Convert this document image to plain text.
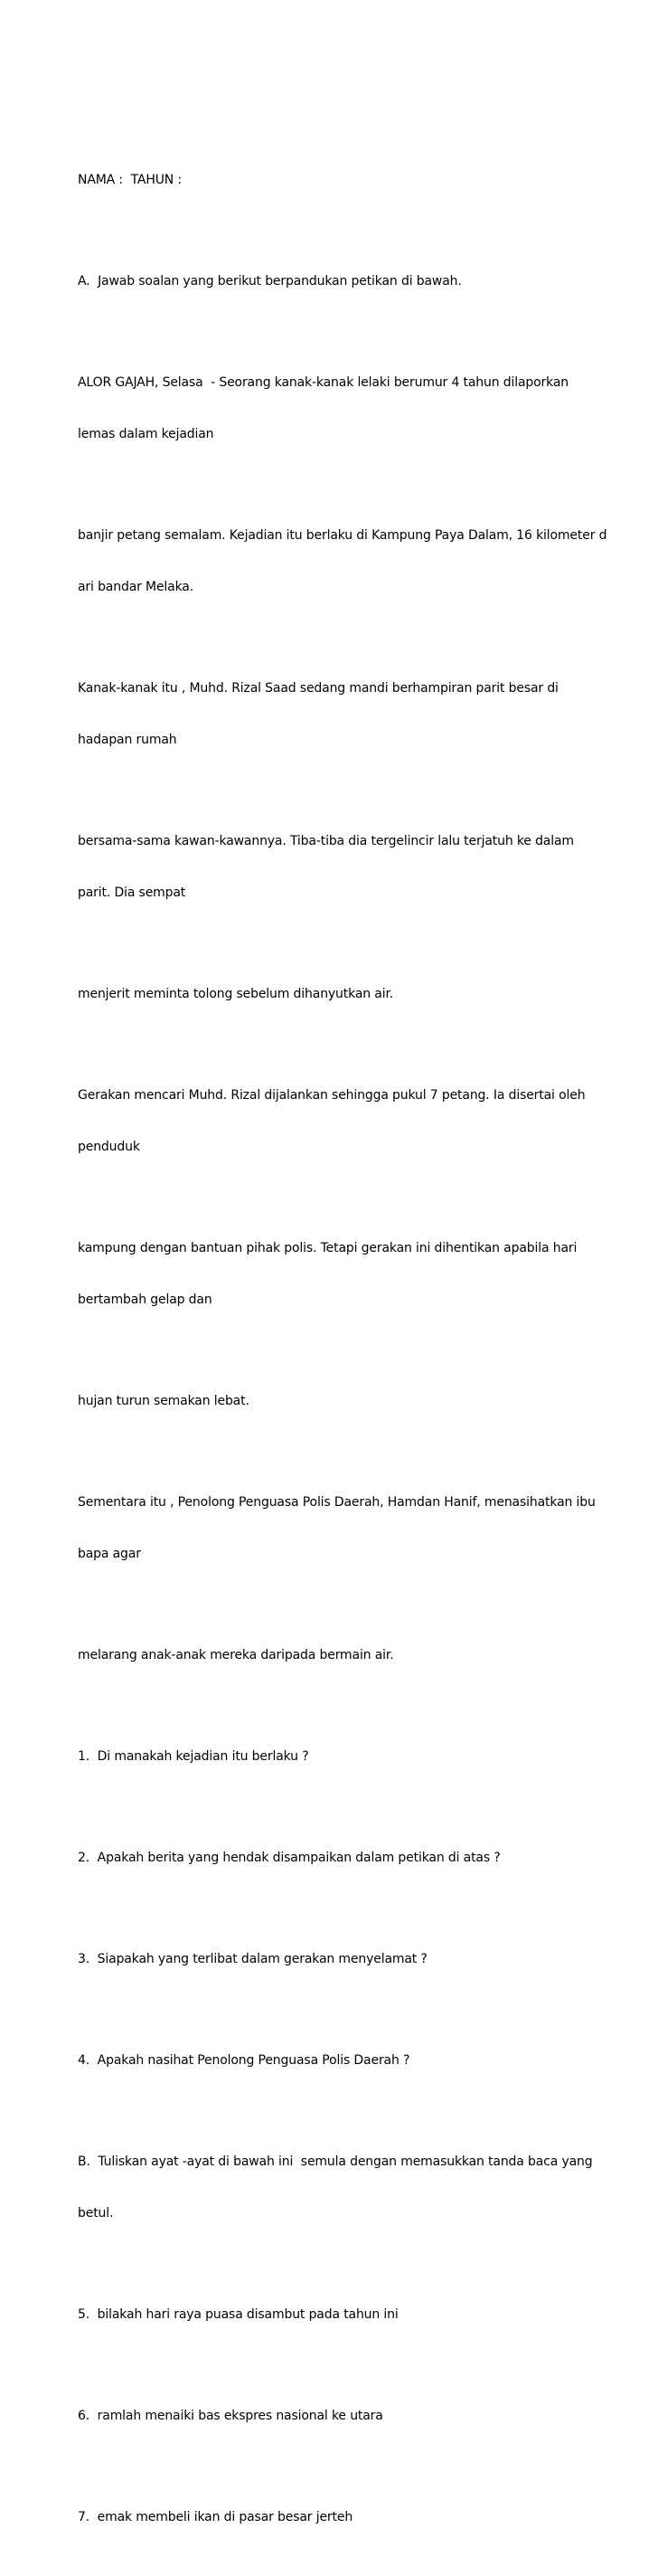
NAMA :  TAHUN :

A.  Jawab soalan yang berikut berpandukan petikan di bawah.

ALOR GAJAH, Selasa  - Seorang kanak-kanak lelaki berumur 4 tahun dilaporkan

lemas dalam kejadian

banjir petang semalam. Kejadian itu berlaku di Kampung Paya Dalam, 16 kilometer d

ari bandar Melaka.

Kanak-kanak itu , Muhd. Rizal Saad sedang mandi berhampiran parit besar di

hadapan rumah

bersama-sama kawan-kawannya. Tiba-tiba dia tergelincir lalu terjatuh ke dalam

parit. Dia sempat

menjerit meminta tolong sebelum dihanyutkan air.

Gerakan mencari Muhd. Rizal dijalankan sehingga pukul 7 petang. Ia disertai oleh

penduduk

kampung dengan bantuan pihak polis. Tetapi gerakan ini dihentikan apabila hari

bertambah gelap dan

hujan turun semakan lebat.

Sementara itu , Penolong Penguasa Polis Daerah, Hamdan Hanif, menasihatkan ibu

bapa agar

melarang anak-anak mereka daripada bermain air.

1.  Di manakah kejadian itu berlaku ?

2.  Apakah berita yang hendak disampaikan dalam petikan di atas ?

3.  Siapakah yang terlibat dalam gerakan menyelamat ?

4.  Apakah nasihat Penolong Penguasa Polis Daerah ?

B.  Tuliskan ayat -ayat di bawah ini  semula dengan memasukkan tanda baca yang

betul.

5.  bilakah hari raya puasa disambut pada tahun ini

6.  ramlah menaiki bas ekspres nasional ke utara

7.  emak membeli ikan di pasar besar jerteh
